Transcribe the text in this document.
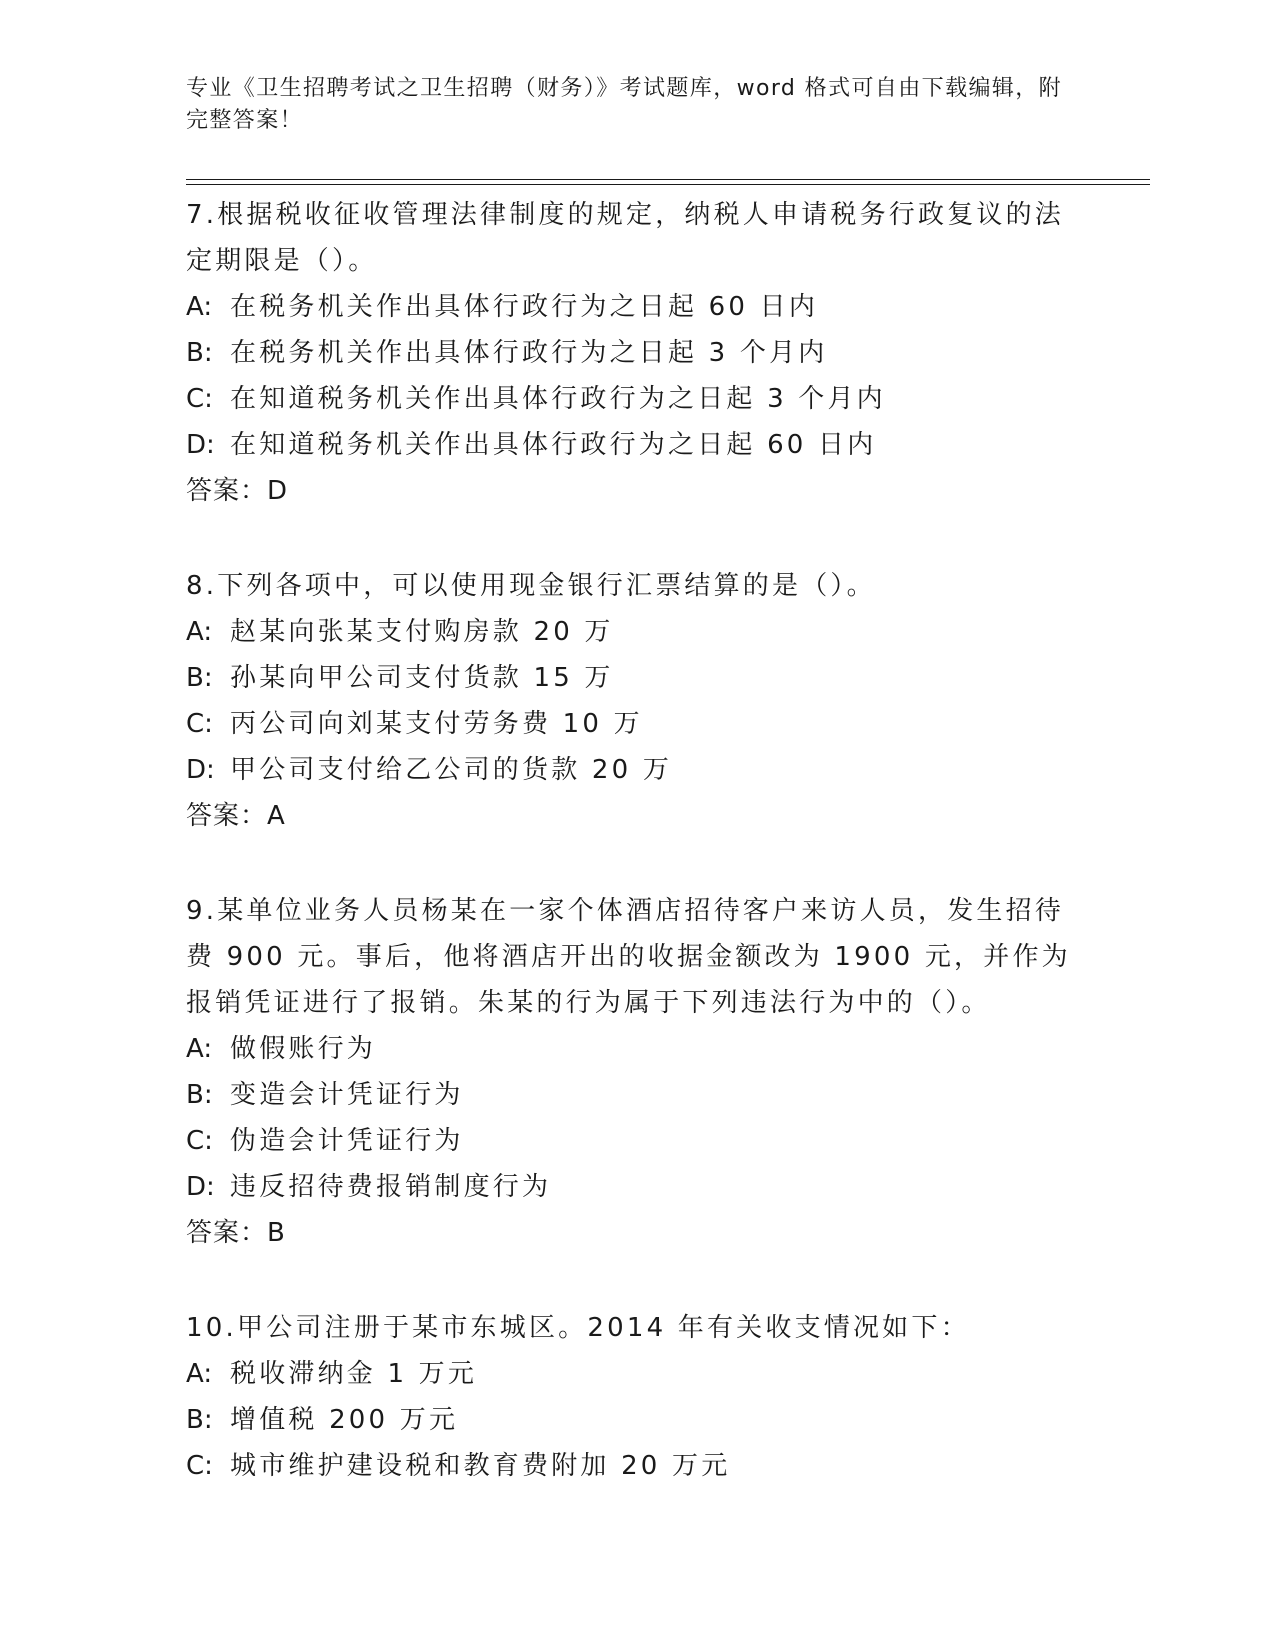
专业《卫生招聘考试之卫生招聘（财务）》考试题库，word 格式可自由下载编辑，附完整答案！
7.根据税收征收管理法律制度的规定，纳税人申请税务行政复议的法定期限是（）。
A: 在税务机关作出具体行政行为之日起 60 日内
B: 在税务机关作出具体行政行为之日起 3 个月内
C: 在知道税务机关作出具体行政行为之日起 3 个月内
D: 在知道税务机关作出具体行政行为之日起 60 日内
答案：D
8.下列各项中，可以使用现金银行汇票结算的是（）。
A: 赵某向张某支付购房款 20 万
B: 孙某向甲公司支付货款 15 万
C: 丙公司向刘某支付劳务费 10 万
D: 甲公司支付给乙公司的货款 20 万
答案：A
9.某单位业务人员杨某在一家个体酒店招待客户来访人员，发生招待费 900 元。事后，他将酒店开出的收据金额改为 1900 元，并作为报销凭证进行了报销。朱某的行为属于下列违法行为中的（）。
A: 做假账行为
B: 变造会计凭证行为
C: 伪造会计凭证行为
D: 违反招待费报销制度行为
答案：B
10.甲公司注册于某市东城区。2014 年有关收支情况如下：
A: 税收滞纳金 1 万元
B: 增值税 200 万元
C: 城市维护建设税和教育费附加 20 万元
